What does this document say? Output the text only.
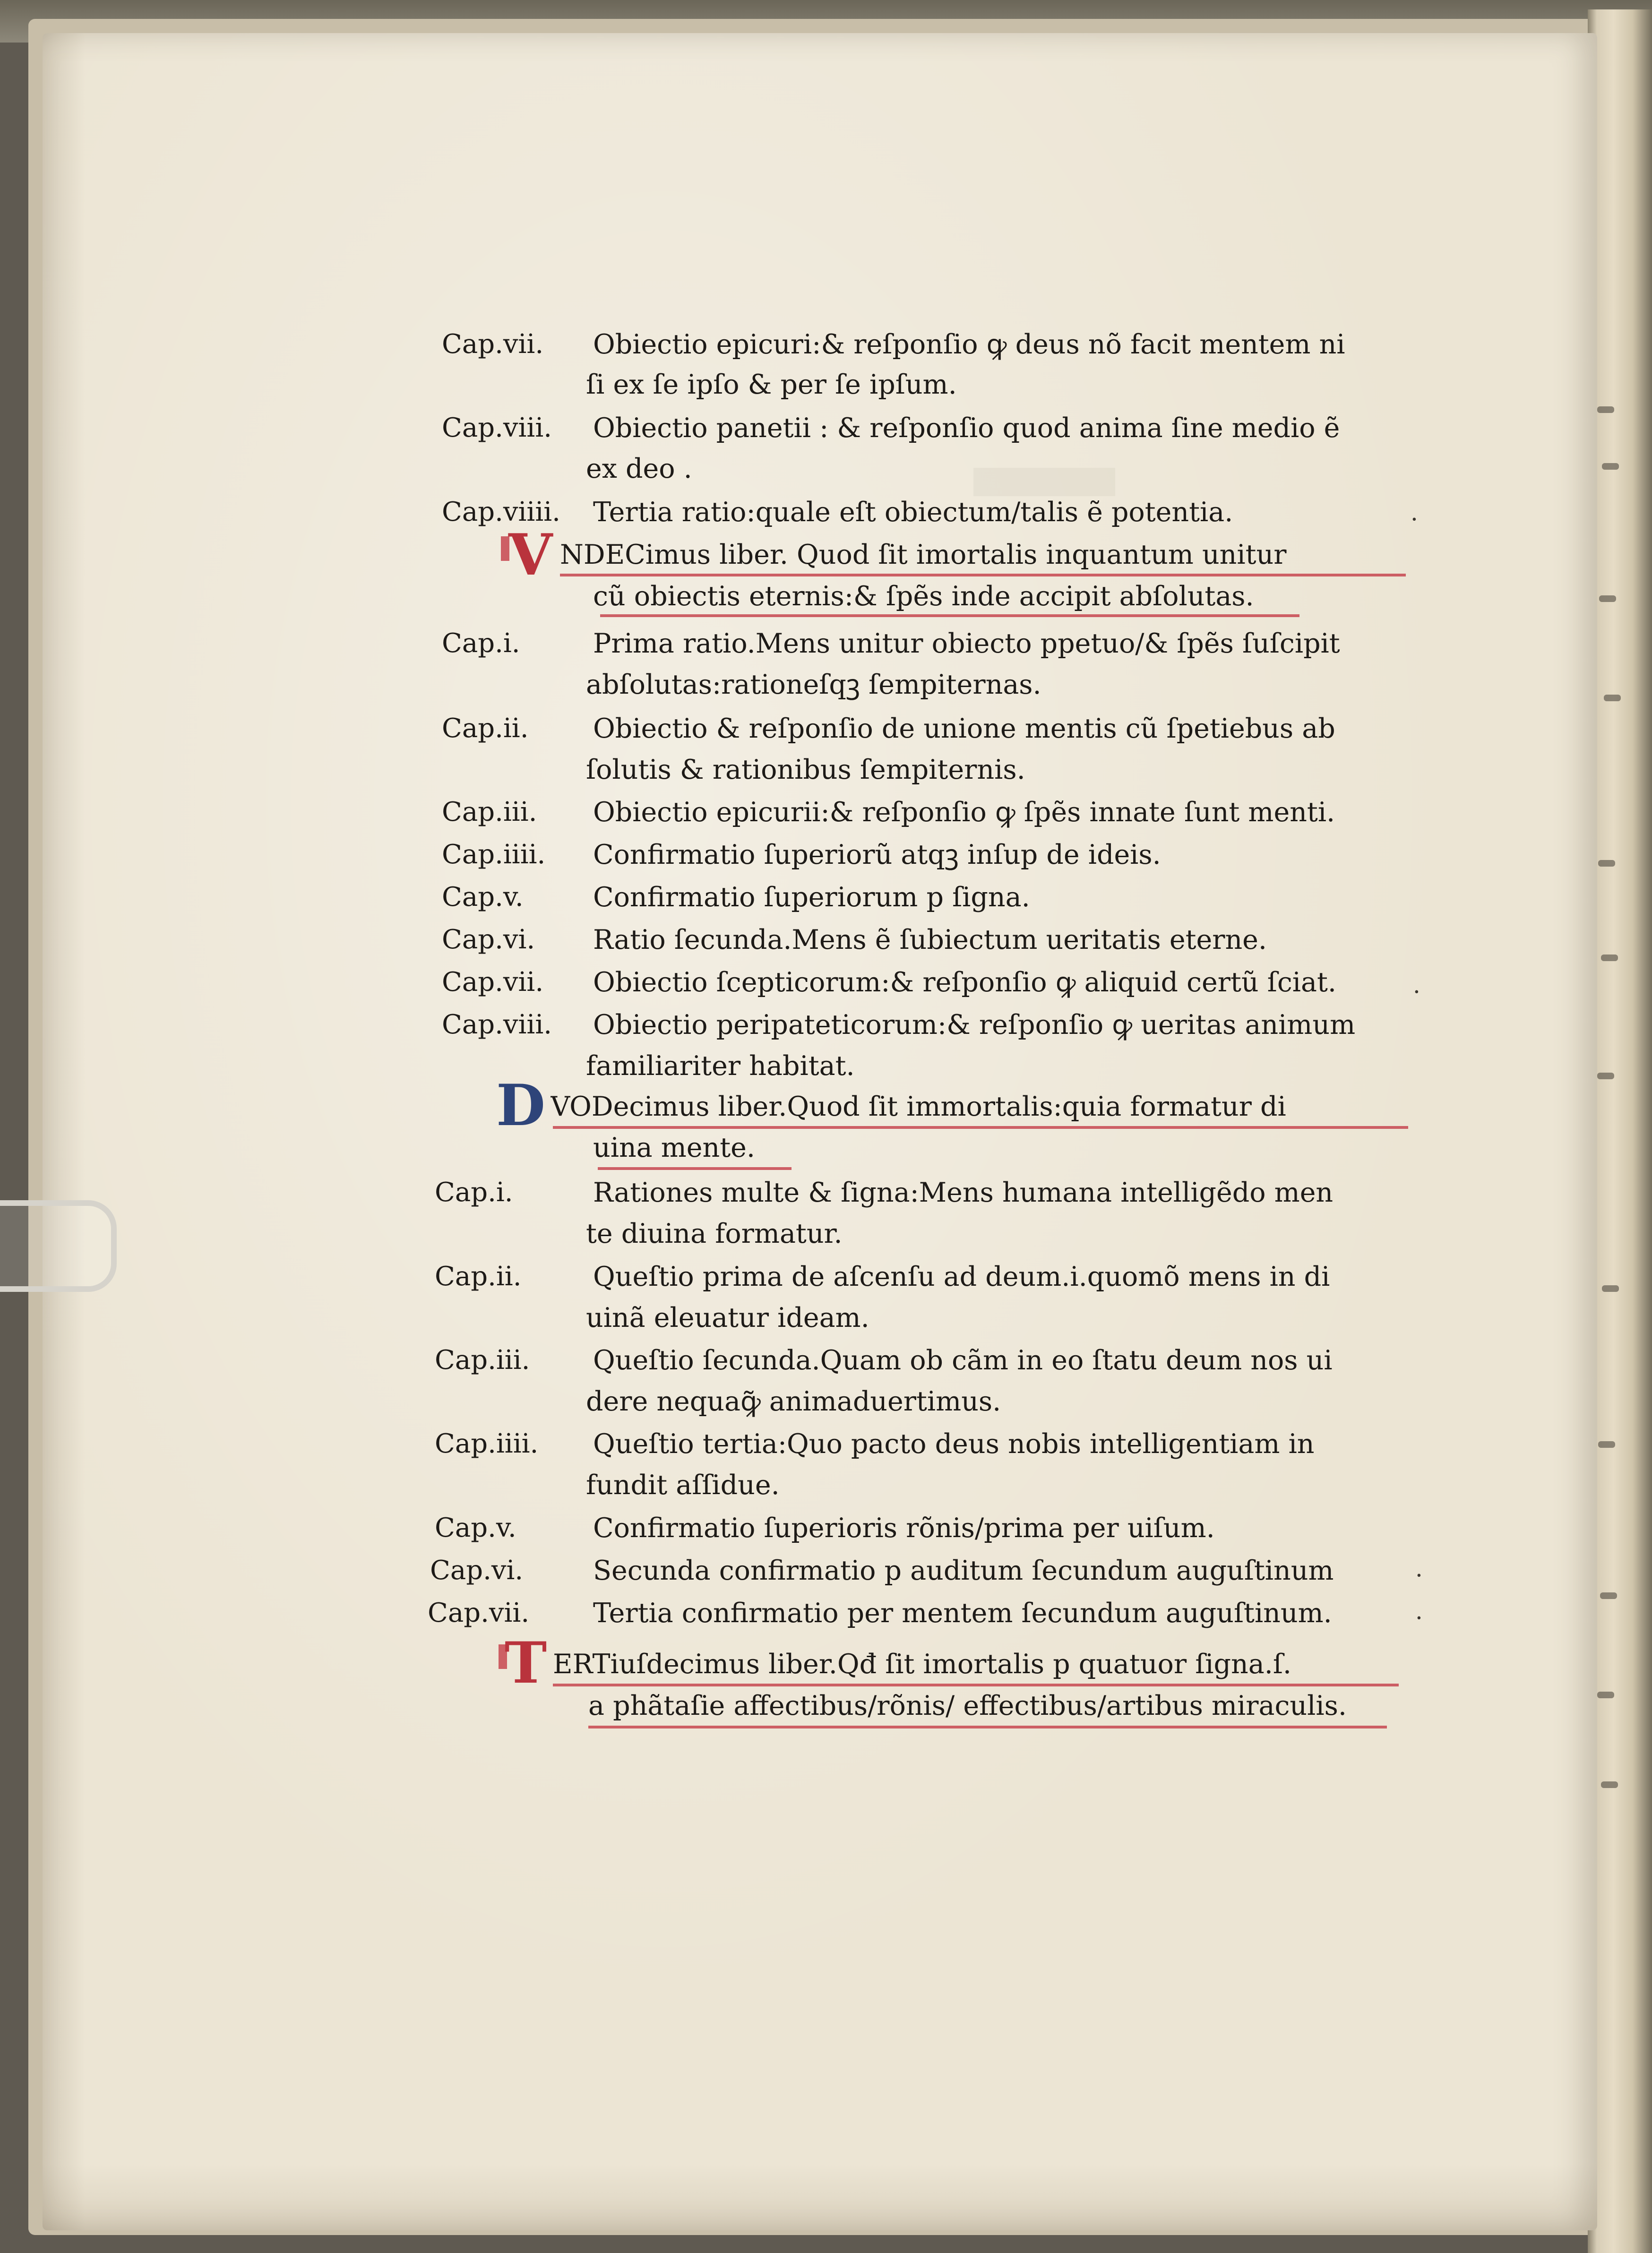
Cap.vii.	Obiectio epicuri:& reſponſio ꝙ deus nõ facit mentem ni
ſi ex ſe ipſo & per ſe ipſum.
Cap.viii.	Obiectio panetii : & reſponſio quod anima ſine medio ẽ
ex deo .
Cap.viiii.	Tertia ratio:quale eſt obiectum/talis ẽ potentia.
V NDECimus liber. Quod ſit imortalis inquantum unitur
cũ obiectis eternis:& ſpẽs inde accipit abſolutas.
Cap.i.	Prima ratio.Mens unitur obiecto ppetuo/& ſpẽs ſuſcipit
abſolutas:rationeſqꝫ ſempiternas.
Cap.ii.	Obiectio & reſponſio de unione mentis cũ ſpetiebus ab
ſolutis & rationibus ſempiternis.
Cap.iii.	Obiectio epicurii:& reſponſio ꝙ ſpẽs innate ſunt menti.
Cap.iiii.	Confirmatio ſuperiorũ atqꝫ inſup de ideis.
Cap.v.	Confirmatio ſuperiorum p ſigna.
Cap.vi.	Ratio ſecunda.Mens ẽ ſubiectum ueritatis eterne.
Cap.vii.	Obiectio ſcepticorum:& reſponſio ꝙ aliquid certũ ſciat.
Cap.viii.	Obiectio peripateticorum:& reſponſio ꝙ ueritas animum
familiariter habitat.
D VODecimus liber.Quod ſit immortalis:quia formatur di
uina mente.
Cap.i.	Rationes multe & ſigna:Mens humana intelligẽdo men
te diuina formatur.
Cap.ii.	Queſtio prima de aſcenſu ad deum.i.quomõ mens in di
uinã eleuatur ideam.
Cap.iii.	Queſtio ſecunda.Quam ob cãm in eo ſtatu deum nos ui
dere nequaꝙ̃ animaduertimus.
Cap.iiii.	Queſtio tertia:Quo pacto deus nobis intelligentiam in
fundit aſſidue.
Cap.v.	Confirmatio ſuperioris rõnis/prima per uiſum.
Cap.vi.	Secunda confirmatio p auditum ſecundum auguſtinum
Cap.vii.	Tertia confirmatio per mentem ſecundum auguſtinum.
T ERTiuſdecimus liber.Qđ ſit imortalis p quatuor ſigna.ſ.
a phãtaſie affectibus/rõnis/ effectibus/artibus miraculis.
·
·
·
·
